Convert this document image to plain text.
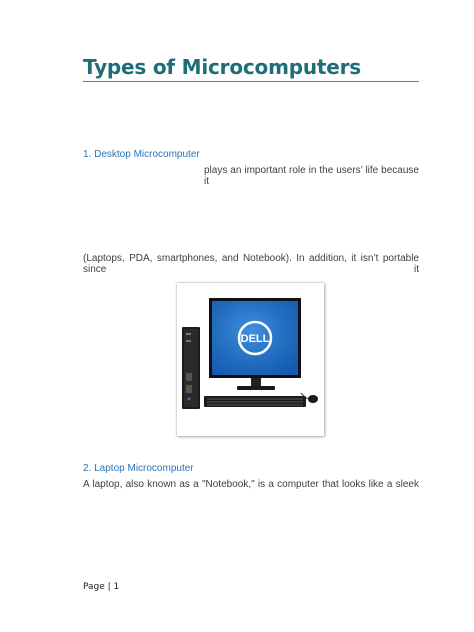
Types of Microcomputers
1. Desktop Microcomputer
plays an important role in the users’ life because it
(Laptops, PDA, smartphones, and Notebook). In addition, it isn’t portable since it
DELL
2. Laptop Microcomputer
A laptop, also known as a "Notebook," is a computer that looks like a sleek
Page | 1
